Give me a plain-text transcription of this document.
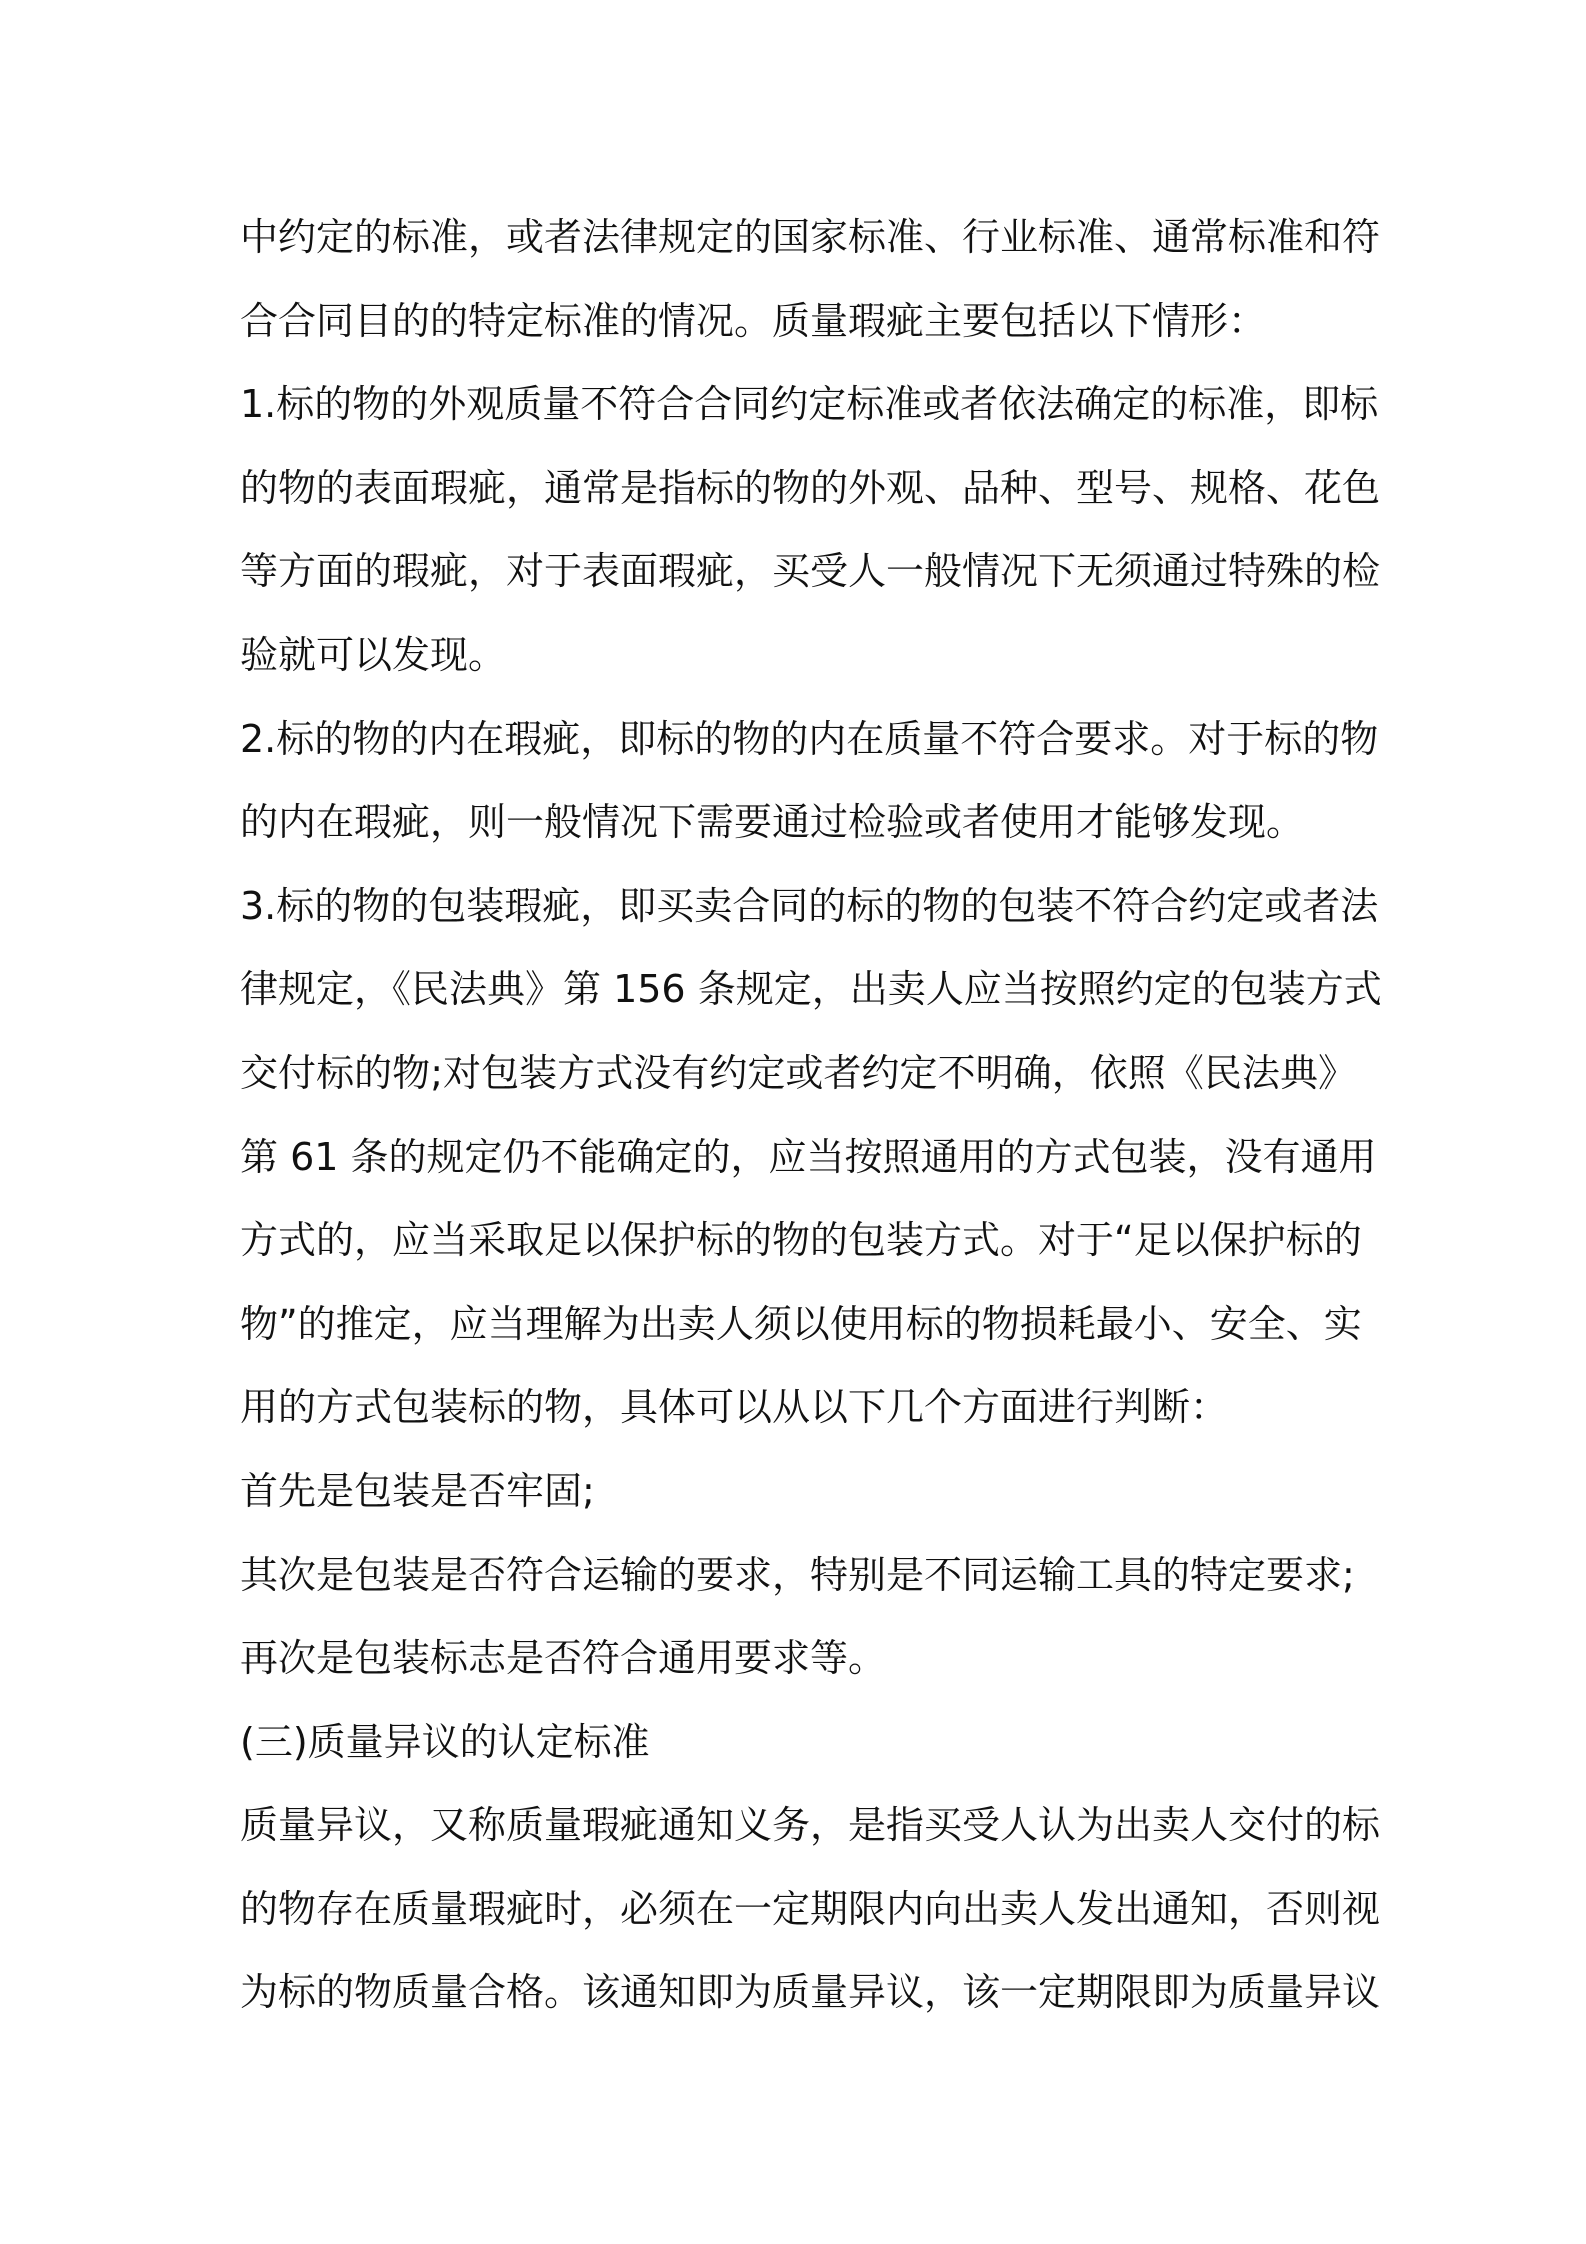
中约定的标准，或者法律规定的国家标准、行业标准、通常标准和符
合合同目的的特定标准的情况。质量瑕疵主要包括以下情形：
1.标的物的外观质量不符合合同约定标准或者依法确定的标准，即标
的物的表面瑕疵，通常是指标的物的外观、品种、型号、规格、花色
等方面的瑕疵，对于表面瑕疵，买受人一般情况下无须通过特殊的检
验就可以发现。
2.标的物的内在瑕疵，即标的物的内在质量不符合要求。对于标的物
的内在瑕疵，则一般情况下需要通过检验或者使用才能够发现。
3.标的物的包装瑕疵，即买卖合同的标的物的包装不符合约定或者法
律规定，《民法典》第 156 条规定，出卖人应当按照约定的包装方式
交付标的物;对包装方式没有约定或者约定不明确，依照《民法典》
第 61 条的规定仍不能确定的，应当按照通用的方式包装，没有通用
方式的，应当采取足以保护标的物的包装方式。对于“足以保护标的
物”的推定，应当理解为出卖人须以使用标的物损耗最小、安全、实
用的方式包装标的物，具体可以从以下几个方面进行判断：
首先是包装是否牢固;
其次是包装是否符合运输的要求，特别是不同运输工具的特定要求;
再次是包装标志是否符合通用要求等。
(三)质量异议的认定标准
质量异议，又称质量瑕疵通知义务，是指买受人认为出卖人交付的标
的物存在质量瑕疵时，必须在一定期限内向出卖人发出通知，否则视
为标的物质量合格。该通知即为质量异议，该一定期限即为质量异议
